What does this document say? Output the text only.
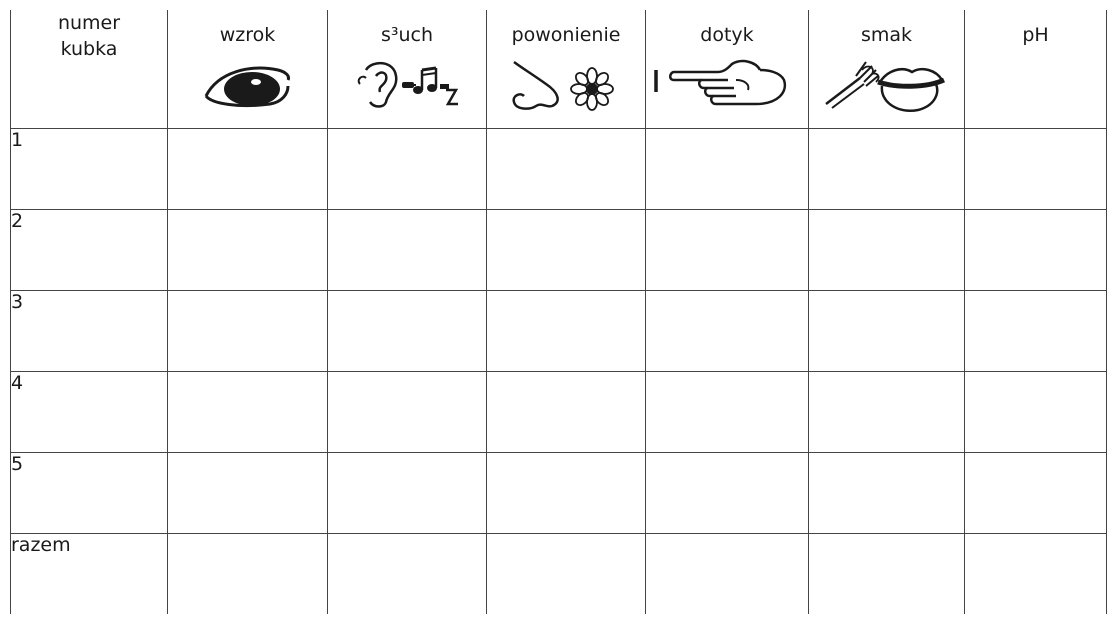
numer
kubka	wzrok	s³uch	powonienie	dotyk	smak	pH

1						
2						
3						
4						
5						
razem						
